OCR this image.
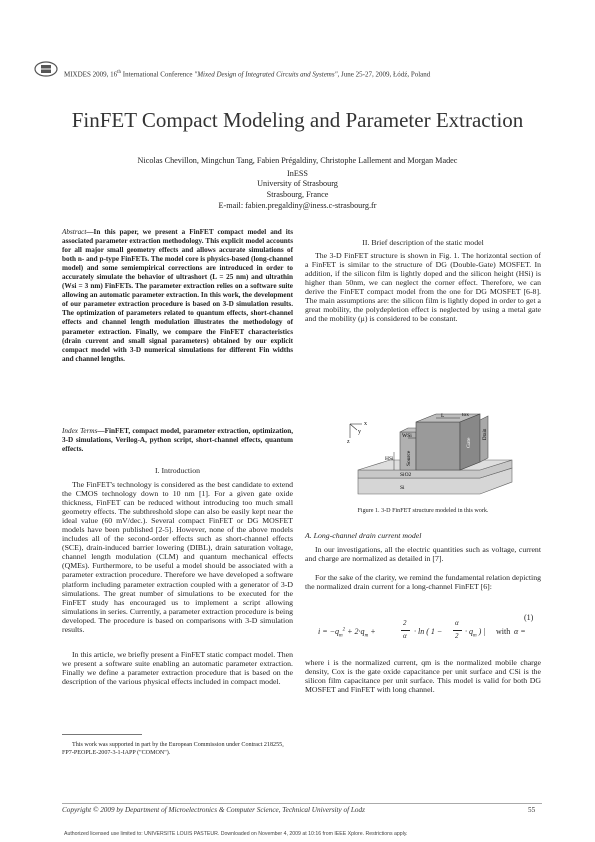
MIXDES 2009, 16th International Conference "Mixed Design of Integrated Circuits and Systems", June 25-27, 2009, Łódź, Poland
FinFET Compact Modeling and Parameter Extraction
Nicolas Chevillon, Mingchun Tang, Fabien Prégaldiny, Christophe Lallement and Morgan Madec
InESS
University of Strasbourg
Strasbourg, France
E-mail: fabien.pregaldiny@iness.c-strasbourg.fr
Abstract—In this paper, we present a FinFET compact model and its associated parameter extraction methodology. This explicit model accounts for all major small geometry effects and allows accurate simulations of both n- and p-type FinFETs. The model core is physics-based (long-channel model) and some semiempirical corrections are introduced in order to accurately simulate the behavior of ultrashort (L = 25 nm) and ultrathin (Wsi = 3 nm) FinFETs. The parameter extraction relies on a software suite allowing an automatic parameter extraction. In this work, the development of our parameter extraction procedure is based on 3-D simulation results. The optimization of parameters related to quantum effects, short-channel effects and channel length modulation illustrates the methodology of parameter extraction. Finally, we compare the FinFET characteristics (drain current and small signal parameters) obtained by our explicit compact model with 3-D numerical simulations for different Fin widths and channel lengths.
Index Terms—FinFET, compact model, parameter extraction, optimization, 3-D simulations, Verilog-A, python script, short-channel effects, quantum effects.
I. Introduction
The FinFET's technology is considered as the best candidate to extend the CMOS technology down to 10 nm [1]. For a given gate oxide thickness, FinFET can be reduced without introducing too much small geometry effects. The subthreshold slope can also be easily kept near the ideal value (60 mV/dec.). Several compact FinFET or DG MOSFET models have been published [2-5]. However, none of the above models includes all of the second-order effects such as short-channel effects (SCE), drain-induced barrier lowering (DIBL), drain saturation voltage, channel length modulation (CLM) and quantum mechanical effects (QMEs). Furthermore, to be useful a model should be associated with a parameter extraction procedure. Therefore we have developed a software platform including parameter extraction coupled with a generator of 3-D simulations. The great number of simulations to be executed for the FinFET study has encouraged us to implement a script allowing simulations in series. Currently, a parameter extraction procedure is being developed. The procedure is based on comparisons with 3-D simulation results.
In this article, we briefly present a FinFET static compact model. Then we present a software suite enabling an automatic parameter extraction. Finally we define a parameter extraction procedure that is based on the description of the various physical effects included in compact model.
This work was supported in part by the European Commission under Contract 218255, FP7-PEOPLE-2007-3-1-IAPP ("COMON").
II. Brief description of the static model
The 3-D FinFET structure is shown in Fig. 1. The horizontal section of a FinFET is similar to the structure of DG (Double-Gate) MOSFET. In addition, if the silicon film is lightly doped and the silicon height (HSi) is higher than 50nm, we can neglect the corner effect. Therefore, we can derive the FinFET compact model from the one for DG MOSFET [6-8]. The main assumptions are: the silicon film is lightly doped in order to get a great mobility, the polydepletion effect is neglected by using a metal gate and the mobility (μ) is considered to be constant.
x
y
z
tox
L
WSi
HSi Source
Gate
Drain
SiO2
Si
Figure 1. 3-D FinFET structure modeled in this work.
A. Long-channel drain current model
In our investigations, all the electric quantities such as voltage, current and charge are normalized as detailed in [7].
For the sake of the clarity, we remind the fundamental relation depicting the normalized drain current for a long-channel FinFET [6]:
$i = -q_m^2 + 2\cdot q_m$ +
2
α · ln ( 1 −
α
$2 \cdot q_m$ ) | with α =
(1)
where i is the normalized current, qm is the normalized mobile charge density, Cox is the gate oxide capacitance per unit surface and CSi is the silicon film capacitance per unit surface. This model is valid for both DG MOSFET and FinFET with long channel.
Copyright © 2009 by Department of Microelectronics & Computer Science, Technical University of Lodz	55
Authorized licensed use limited to: UNIVERSITE LOUIS PASTEUR. Downloaded on November 4, 2009 at 10:16 from IEEE Xplore. Restrictions apply.
